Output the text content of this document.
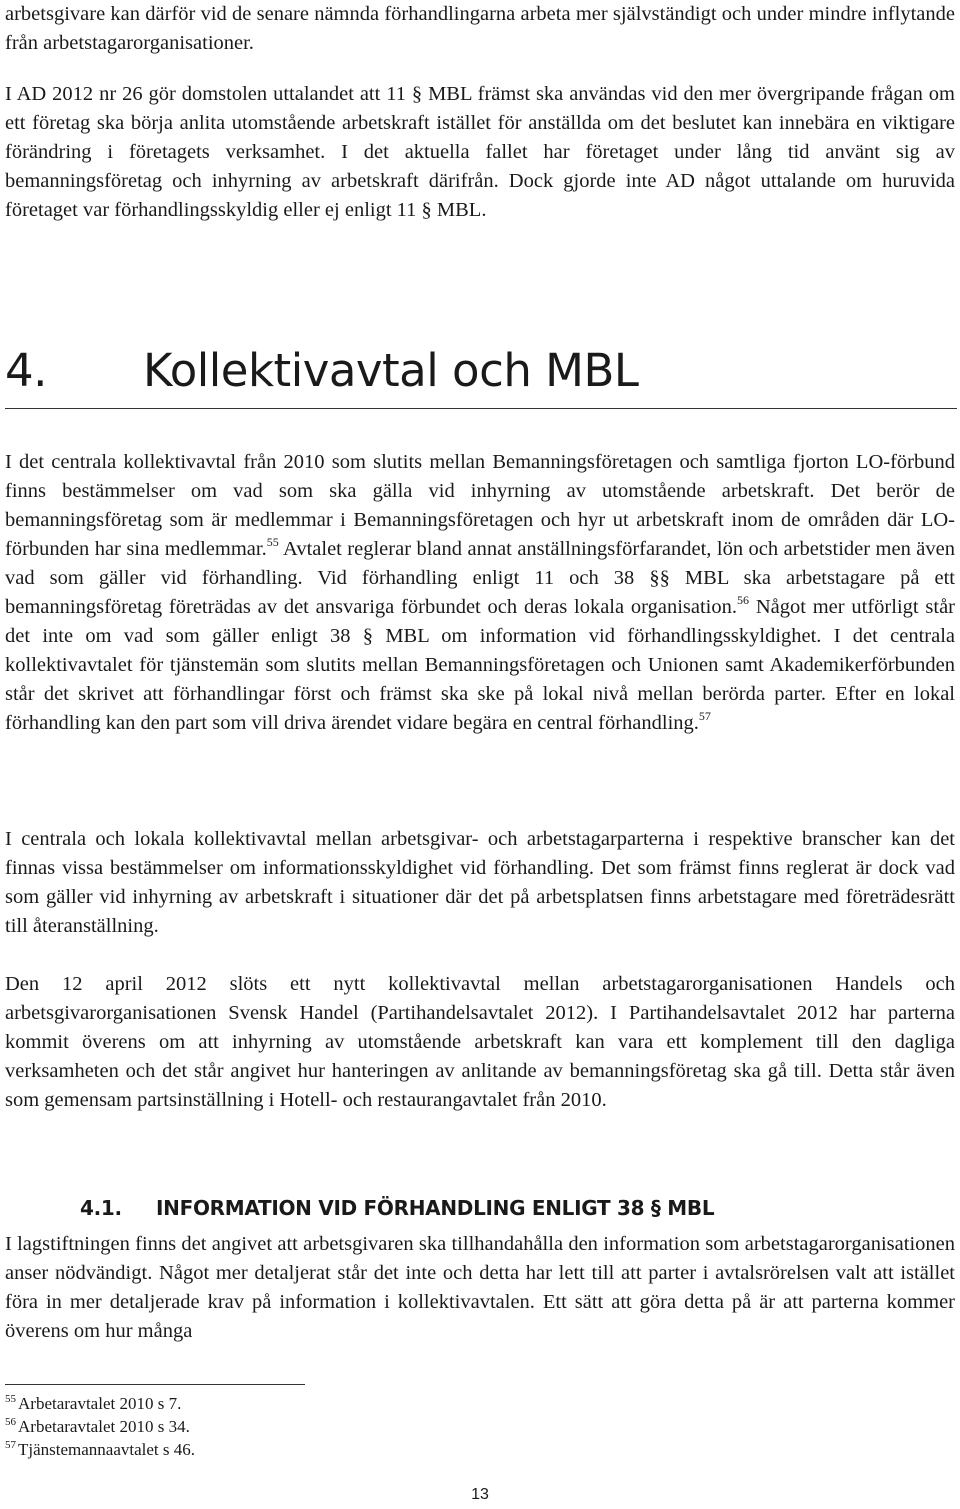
arbetsgivare kan därför vid de senare nämnda förhandlingarna arbeta mer självständigt och under mindre inflytande från arbetstagarorganisationer.

I AD 2012 nr 26 gör domstolen uttalandet att 11 § MBL främst ska användas vid den mer övergripande frågan om ett företag ska börja anlita utomstående arbetskraft istället för anställda om det beslutet kan innebära en viktigare förändring i företagets verksamhet. I det aktuella fallet har företaget under lång tid använt sig av bemanningsföretag och inhyrning av arbetskraft därifrån. Dock gjorde inte AD något uttalande om huruvida företaget var förhandlingsskyldig eller ej enligt 11 § MBL.

4. Kollektivavtal och MBL

I det centrala kollektivavtal från 2010 som slutits mellan Bemanningsföretagen och samtliga fjorton LO-förbund finns bestämmelser om vad som ska gälla vid inhyrning av utomstående arbetskraft. Det berör de bemanningsföretag som är medlemmar i Bemanningsföretagen och hyr ut arbetskraft inom de områden där LO-förbunden har sina medlemmar.$^{55}$ Avtalet reglerar bland annat anställningsförfarandet, lön och arbetstider men även vad som gäller vid förhandling. Vid förhandling enligt 11 och 38 §§ MBL ska arbetstagare på ett bemanningsföretag företrädas av det ansvariga förbundet och deras lokala organisation.$^{56}$ Något mer utförligt står det inte om vad som gäller enligt 38 § MBL om information vid förhandlingsskyldighet. I det centrala kollektivavtalet för tjänstemän som slutits mellan Bemanningsföretagen och Unionen samt Akademikerförbunden står det skrivet att förhandlingar först och främst ska ske på lokal nivå mellan berörda parter. Efter en lokal förhandling kan den part som vill driva ärendet vidare begära en central förhandling.$^{57}$

I centrala och lokala kollektivavtal mellan arbetsgivar- och arbetstagarparterna i respektive branscher kan det finnas vissa bestämmelser om informationsskyldighet vid förhandling. Det som främst finns reglerat är dock vad som gäller vid inhyrning av arbetskraft i situationer där det på arbetsplatsen finns arbetstagare med företrädesrätt till återanställning.

Den 12 april 2012 slöts ett nytt kollektivavtal mellan arbetstagarorganisationen Handels och arbetsgivarorganisationen Svensk Handel (Partihandelsavtalet 2012). I Partihandelsavtalet 2012 har parterna kommit överens om att inhyrning av utomstående arbetskraft kan vara ett komplement till den dagliga verksamheten och det står angivet hur hanteringen av anlitande av bemanningsföretag ska gå till. Detta står även som gemensam partsinställning i Hotell- och restaurangavtalet från 2010.

4.1. INFORMATION VID FÖRHANDLING ENLIGT 38 § MBL

I lagstiftningen finns det angivet att arbetsgivaren ska tillhandahålla den information som arbetstagarorganisationen anser nödvändigt. Något mer detaljerat står det inte och detta har lett till att parter i avtalsrörelsen valt att istället föra in mer detaljerade krav på information i kollektivavtalen. Ett sätt att göra detta på är att parterna kommer överens om hur många

$^{55}$ Arbetaravtalet 2010 s 7.

$^{56}$ Arbetaravtalet 2010 s 34.

$^{57}$ Tjänstemannaavtalet s 46.

13
